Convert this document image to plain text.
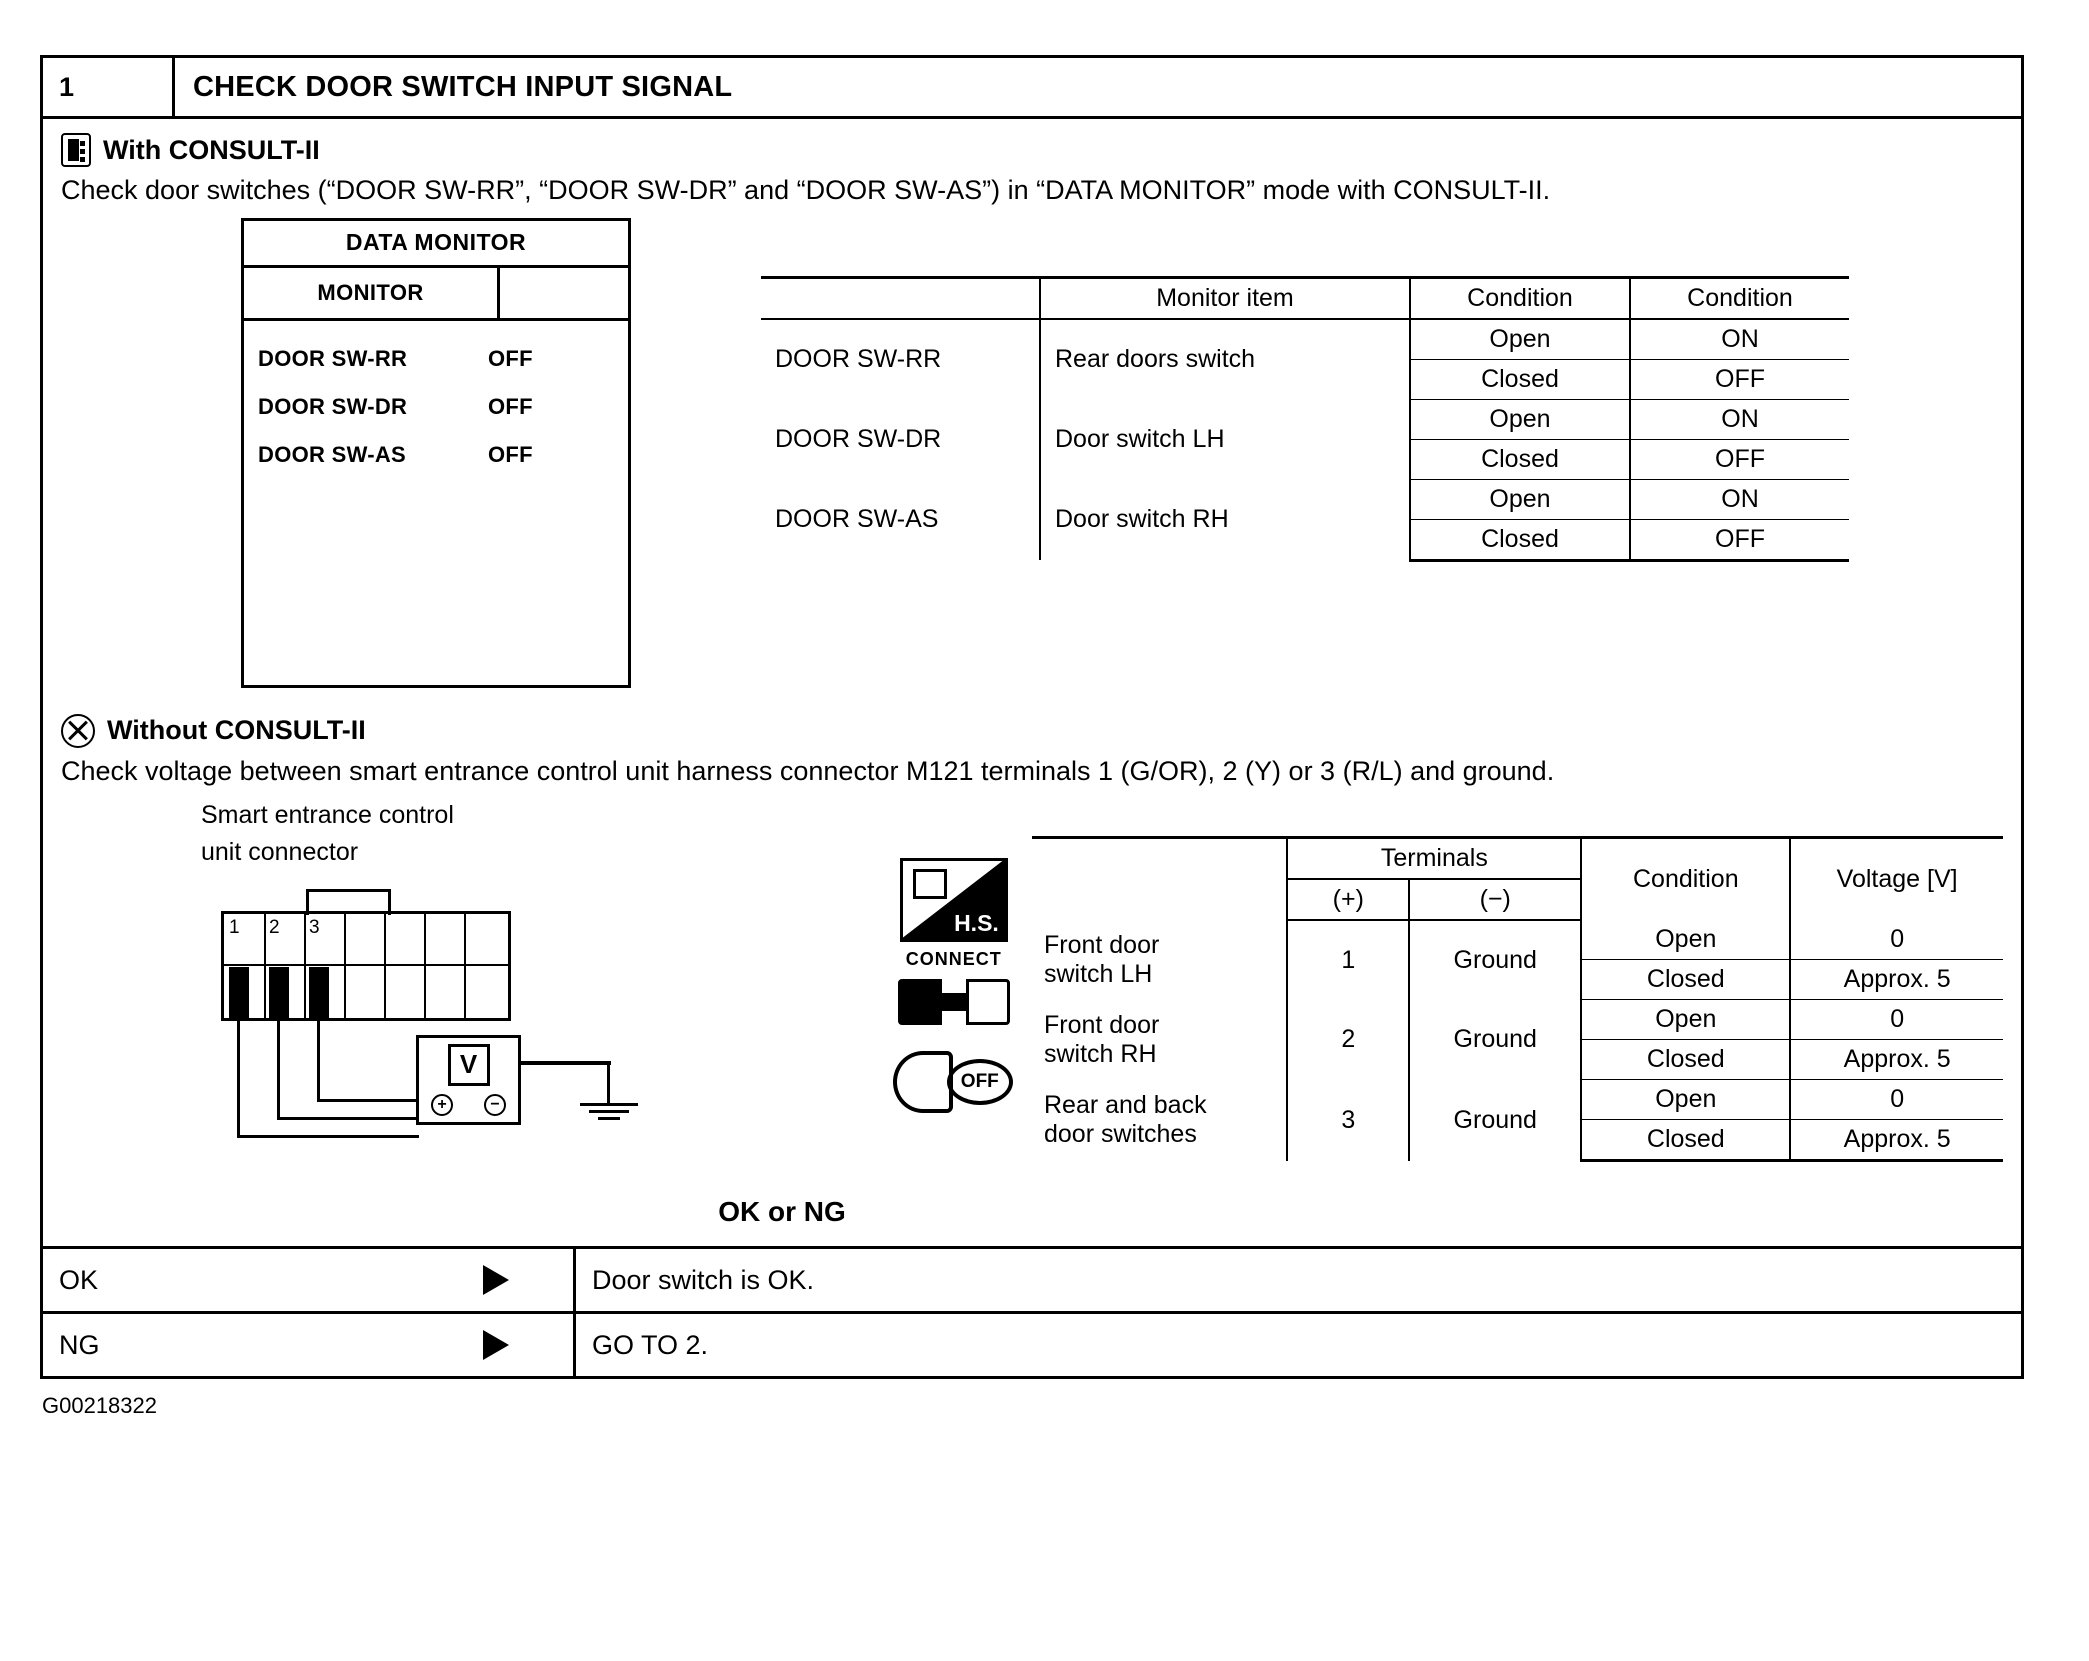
1	CHECK DOOR SWITCH INPUT SIGNAL
With CONSULT-II

Check door switches (“DOOR SW-RR”, “DOOR SW-DR” and “DOOR SW-AS”) in “DATA MONITOR” mode with CONSULT-II.

DATA MONITOR
MONITOR
DOOR SW-RR	OFF
DOOR SW-DR	OFF
DOOR SW-AS	OFF
	Monitor item	Condition	Condition
DOOR SW-RR	Rear doors switch	Open	ON
		Closed	OFF
DOOR SW-DR	Door switch LH	Open	ON
		Closed	OFF
DOOR SW-AS	Door switch RH	Open	ON
		Closed	OFF
Without CONSULT-II

Check voltage between smart entrance control unit harness connector M121 terminals 1 (G/OR), 2 (Y) or 3 (R/L) and ground.

Smart entrance control
unit connector
1 2 3
V
+	−
H.S.
CONNECT
OFF
	Terminals		Condition	Voltage [V]
	(+)	(−)		
Front door
switch LH	1	Ground	Open	0
			Closed	Approx. 5
Front door
switch RH	2	Ground	Open	0
			Closed	Approx. 5
Rear and back
door switches	3	Ground	Open	0
			Closed	Approx. 5
OK or NG
OK	Door switch is OK.
NG	GO TO 2.
G00218322
